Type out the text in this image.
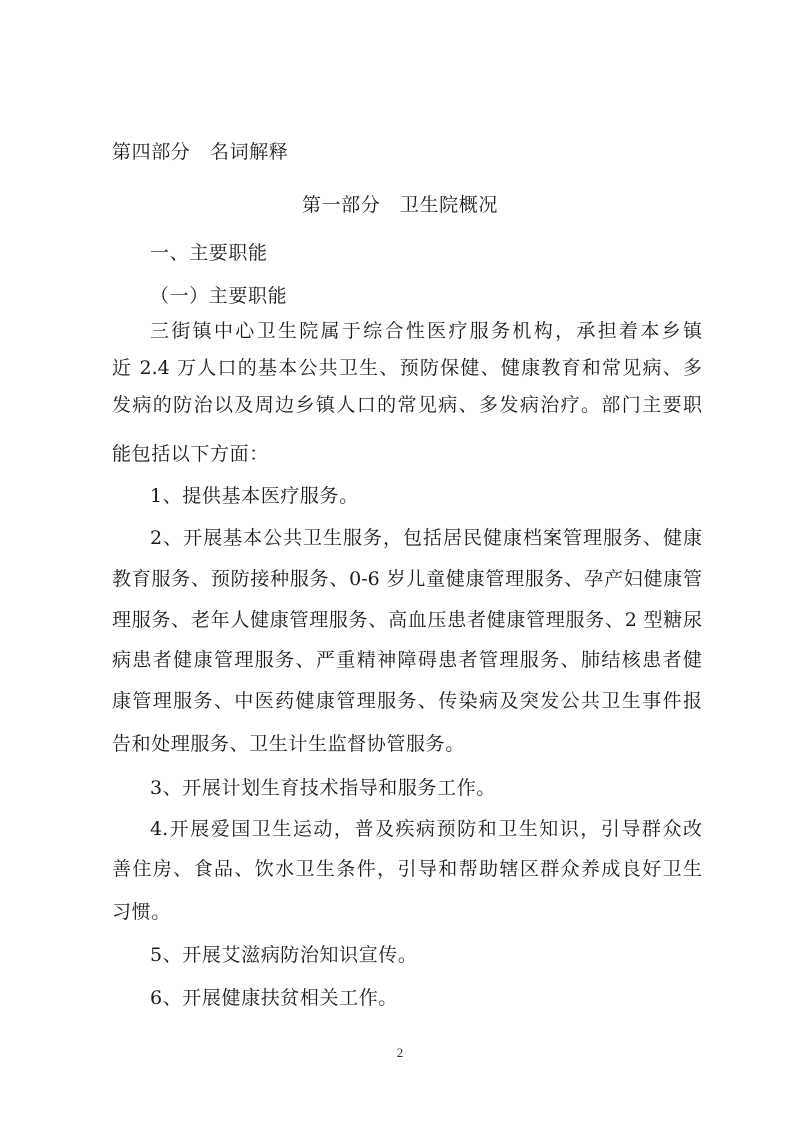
第四部分　名词解释
第一部分　卫生院概况
一、主要职能
（一）主要职能
三街镇中心卫生院属于综合性医疗服务机构，承担着本乡镇
近 2.4 万人口的基本公共卫生、预防保健、健康教育和常见病、多
发病的防治以及周边乡镇人口的常见病、多发病治疗。部门主要职
能包括以下方面：
1、提供基本医疗服务。
2、开展基本公共卫生服务，包括居民健康档案管理服务、健康
教育服务、预防接种服务、0-6 岁儿童健康管理服务、孕产妇健康管
理服务、老年人健康管理服务、高血压患者健康管理服务、2 型糖尿
病患者健康管理服务、严重精神障碍患者管理服务、肺结核患者健
康管理服务、中医药健康管理服务、传染病及突发公共卫生事件报
告和处理服务、卫生计生监督协管服务。
3、开展计划生育技术指导和服务工作。
4.开展爱国卫生运动，普及疾病预防和卫生知识，引导群众改
善住房、食品、饮水卫生条件，引导和帮助辖区群众养成良好卫生
习惯。
5、开展艾滋病防治知识宣传。
6、开展健康扶贫相关工作。
2
